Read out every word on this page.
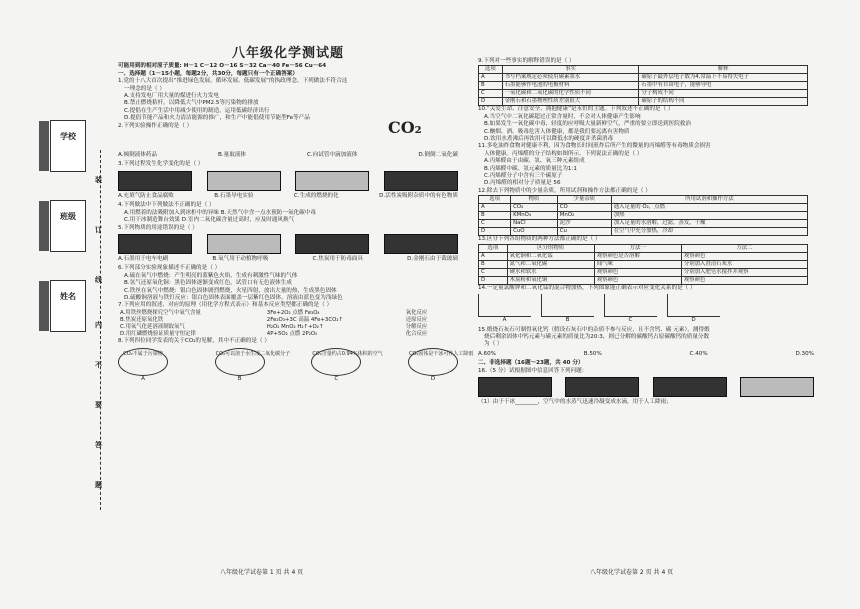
学校
班级
姓名
装
订
线
内
不
要
答
题
八年级化学测试题
可能用到的相对原子质量: H－1 C－12 O－16 S－32 Ca－40 Fe－56 Cu－64
一、选择题（1－15小题，每题2分，共30分，每题只有一个正确答案）
1.党的十八大首次提出“推进绿色发展、循环发展、低碳发展”的执政理念，下列做法不符合这
一理念的是（ ）
A.支持发电厂用大量的煤进行火力发电
B.禁止燃烧秸杆，以降低大气中PM2.5等污染物的排放
C.提倡在生产生活中用减少使用的制造，运用低碳经济出行
D.提倡节能产品和火力清洁能源的推广，和生产中能倡使用节能型Fe等产品
2.下列实验操作正确的是（ ）
A.倾倒液体药品	B.量取液体	C.向试管中滴加液体	D.倒倒二氧化碳
3.下列过程发生化学变化的是（ ）
A.充填气防止食品腐败	B.石墨导电实验	C.生成的燃烧的化	D.活性炭吸附杂质中的有色物质
4.下列做法中下列做法不正确的是（ ）
A.用燃着的法吸附加入到冰柜中的异味 B.天然气中含一点水预防一氧化碳中毒
C.用干冰制造舞台效果 D.室内二氧化碳含量过高时，应及时通风换气
5.下列物质的用途错误的是（ ）
A.石墨用于电车电刷	B.氧气用于动植物呼吸	C.焦炭用于防毒面具	D.金刚石由于裁玻璃
6.下列部分实验现象描述不正确的是（ ）
A.硫在氧气中燃烧：产生明亮的蓝紫色火焰，生成有刺激性气味的气体
B.氢气还原氧化铜：黑色固体逐渐变成红色，试管口有无色液体生成
C.铁丝在氧气中燃烧：银白色固体剧烈燃烧，火星四射，放出大量的热，生成黑色固体
D.硫酸铜溶液与铁钉反应：银白色固体表面覆盖一层紫红色固体，溶液由蓝色变为浅绿色
7.下列应用的叙述、对应的原理（用化学方程式表示）和基本反应类型都正确的是（ ）
A.用铁丝燃烧探究空气中氧气含量	3Fe+2O₂ 点燃 Fe₃O₄	氧化反应
B.焦炭还原氧化铁	2Fe₂O₃+3C 高温 4Fe+3CO₂↑	还原反应
C.用氧气化延溶液制取氧气	H₂O₂ MnO₂ H₂↑+O₂↑	分解反应
D.用红磷燃烧验证质量守恒定律	4P+5O₂ 点燃 2P₂O₅	化合反应
8.下列四位同学发表的关于CO₂的见解，其中不正确的是（ ）
CO₂不属于污染物
A
CO₂可以溶于水生成二氧化碳分子
B
CO₂含量约占0.94%体积的空气
C
CO₂固体是干冰可作人工降雨
D
CO₂
八年级化学试卷第 1 页 共 4 页
9.下列对一些事实的解释错误的是（ ）
选项	事实	解释
A	书写档案规定必须使用碳素墨水	碳原子最外层电子数为4,常温下不易得失电子
B	石墨能够作电池的电极材料	石墨中有自由电子，能够导电
C	一氧化碳和二氧化碳的化学性质不同	分子构成不同
D	金刚石和石墨物理性质差别很大	碳原子的结构不同
10.“关爱生命、注意安全、拥抱健康”是永恒的主题。下列叙述不正确的是（ ）
A.当空气中二氧化碳超过正常含量时，不会对人体健康产生影响
B.如果发生一氧化碳中毒，轻度的应呼吸大量新鲜空气，严重的要立即送到医院救治
C.酗烟、酒、吸毒危害人体健康，都是我们要远离有害物质
D.饮用水煮沸后再饮用可以降低水的硬度并杀菌消毒
11.多吃油炸食物对健康不利，因为食物长时间煎炸后所产生的微量的丙烯醛等有毒物质会损害
人体健康。丙烯醛的分子结构如图所示，下列说法正确的是（ ）
A.丙烯醛由于由碳、氢、氧三种元素组成
B.丙烯醛中碳、氢元素的质量比为1:1
C.丙烯醛分子中含有三个碳原子
D.丙烯醛的相对分子质量是 56
12.除去下列物质中的少量杂质，所用试剂和操作方法都正确的是（ ）
选项	物质	少量杂质	所用试剂和操作方法
A	CO₂	CO	通入足量的 O₂，点燃
B	KMnO₄	MnO₂	加热
C	NaCl	泥沙	加入足量的水溶解，过滤，蒸发，干燥
D	CuO	Cu	在空气中充分加热，冷却
13.区分下列各组物质的两种方法都正确的是（ ）
选项	区分的物质	方法一	方法二
A	氧化铜和二氧化锰	观察颜色是否溶解	观察颜色
B	氮气和二氧化碳	闻气味	分别加入澄清石灰水
C	硬水和软水	观察颜色	分别加入肥皂水搅拌并观察
D	木炭粉和氧化铜	观察颜色	观察颜色
14.一定量氯酸钾和二氧化锰的混合物加热，下列图象能正确表示对应变化关系的是（ ）
A	B	C	D
15.煅烧石灰石可制得氧化钙（假设石灰石中的杂质不参与反应，且不含钙、碳 元素），测得煅
烧后剩余固体中钙元素与碳元素的质量比为20:3，则已分解的碳酸钙占原碳酸钙的质量分数
为（ ）
A.60%	B.50%	C.40%	D.30%
二、非选择题（16题～23题，共 40 分）
16.（5 分）试根据图中信息回答下列问题：
（1）由于干冰________，空气中的水蒸气迅速冷凝变成水滴，用于人工降雨；
八年级化学试卷第 2 页 共 4 页
